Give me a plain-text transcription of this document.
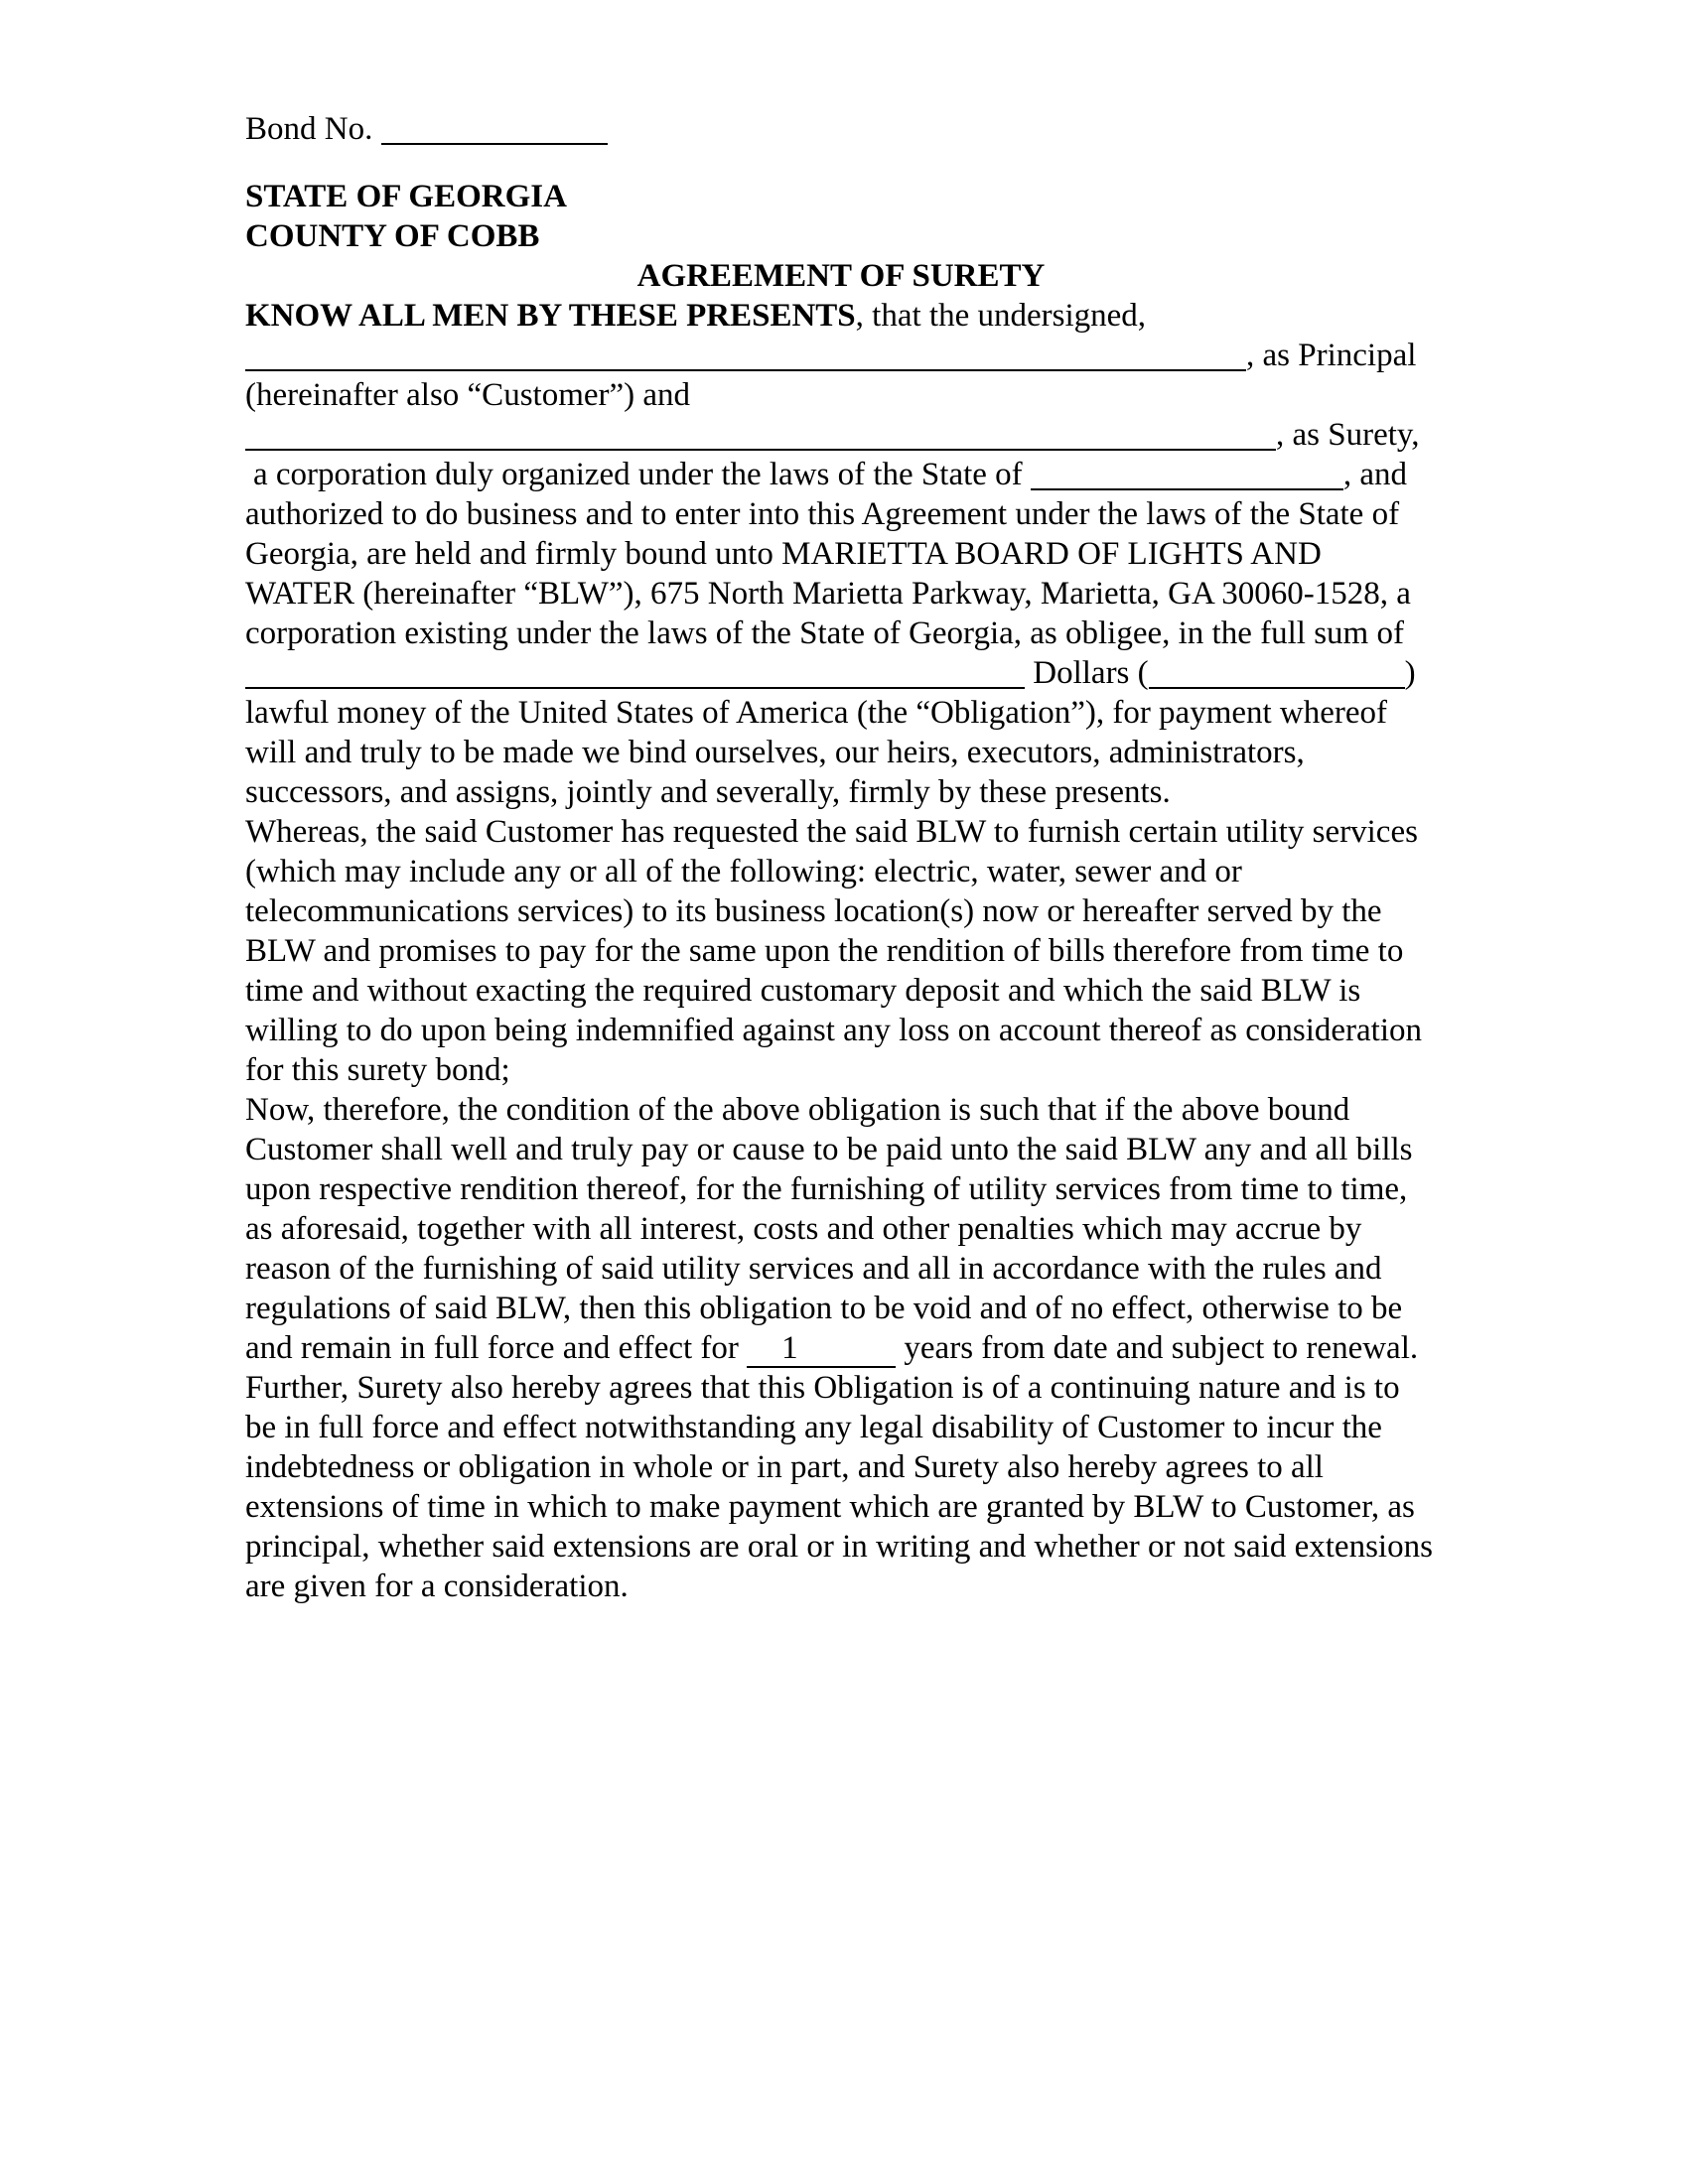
Bond No.
STATE OF GEORGIA
COUNTY OF COBB
AGREEMENT OF SURETY

KNOW ALL MEN BY THESE PRESENTS, that the undersigned,

, as Principal

(hereinafter also “Customer”) and

, as Surety,

a corporation duly organized under the laws of the State of	, and authorized to do business and to enter into this Agreement under the laws of the State of Georgia, are held and firmly bound unto MARIETTA BOARD OF LIGHTS AND WATER (hereinafter “BLW”), 675 North Marietta Parkway, Marietta, GA 30060-1528, a corporation existing under the laws of the State of Georgia, as obligee, in the full sum of

Dollars (	)

lawful money of the United States of America (the “Obligation”), for payment whereof will and truly to be made we bind ourselves, our heirs, executors, administrators, successors, and assigns, jointly and severally, firmly by these presents.

Whereas, the said Customer has requested the said BLW to furnish certain utility services (which may include any or all of the following: electric, water, sewer and or telecommunications services) to its business location(s) now or hereafter served by the BLW and promises to pay for the same upon the rendition of bills therefore from time to time and without exacting the required customary deposit and which the said BLW is willing to do upon being indemnified against any loss on account thereof as consideration for this surety bond;

Now, therefore, the condition of the above obligation is such that if the above bound Customer shall well and truly pay or cause to be paid unto the said BLW any and all bills upon respective rendition thereof, for the furnishing of utility services from time to time, as aforesaid, together with all interest, costs and other penalties which may accrue by reason of the furnishing of said utility services and all in accordance with the rules and regulations of said BLW, then this obligation to be void and of no effect, otherwise to be and remain in full force and effect for 1	years from date and subject to renewal.

Further, Surety also hereby agrees that this Obligation is of a continuing nature and is to be in full force and effect notwithstanding any legal disability of Customer to incur the indebtedness or obligation in whole or in part, and Surety also hereby agrees to all extensions of time in which to make payment which are granted by BLW to Customer, as principal, whether said extensions are oral or in writing and whether or not said extensions are given for a consideration.
